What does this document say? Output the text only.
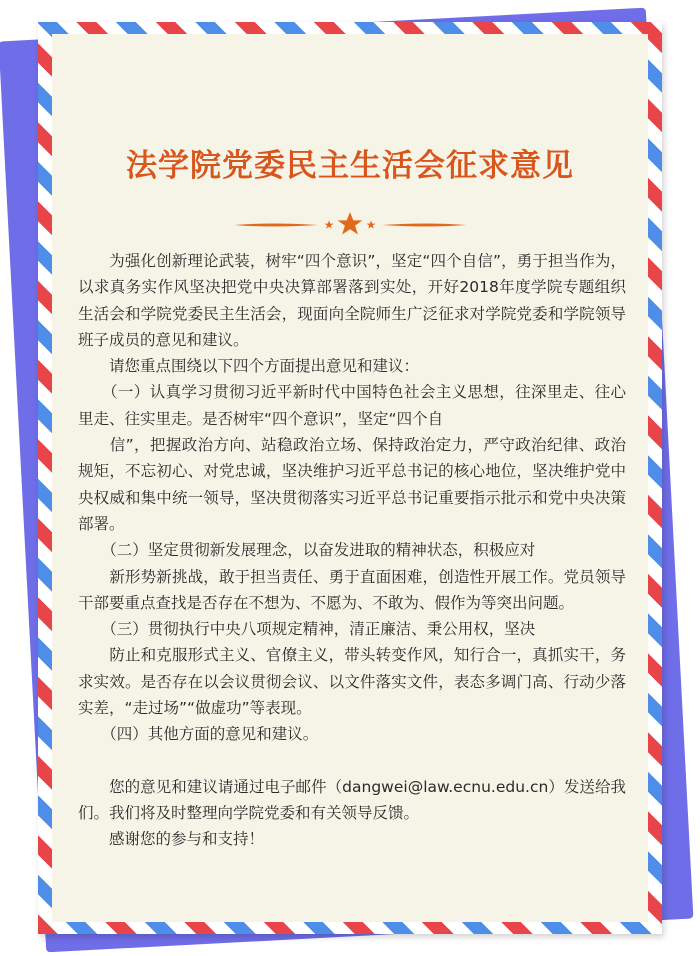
法学院党委民主生活会征求意见

　　为强化创新理论武装，树牢“四个意识”，坚定“四个自信”，勇于担当作为，以求真务实作风坚决把党中央决算部署落到实处，开好2018年度学院专题组织生活会和学院党委民主生活会，现面向全院师生广泛征求对学院党委和学院领导班子成员的意见和建议。

　　请您重点围绕以下四个方面提出意见和建议：

　　（一）认真学习贯彻习近平新时代中国特色社会主义思想，往深里走、往心里走、往实里走。是否树牢“四个意识”，坚定“四个自

　　信”，把握政治方向、站稳政治立场、保持政治定力，严守政治纪律、政治规矩，不忘初心、对党忠诚，坚决维护习近平总书记的核心地位，坚决维护党中央权威和集中统一领导，坚决贯彻落实习近平总书记重要指示批示和党中央决策部署。

　　（二）坚定贯彻新发展理念，以奋发进取的精神状态，积极应对

　　新形势新挑战，敢于担当责任、勇于直面困难，创造性开展工作。党员领导干部要重点查找是否存在不想为、不愿为、不敢为、假作为等突出问题。

　　（三）贯彻执行中央八项规定精神，清正廉洁、秉公用权，坚决

　　防止和克服形式主义、官僚主义，带头转变作风，知行合一，真抓实干，务求实效。是否存在以会议贯彻会议、以文件落实文件，表态多调门高、行动少落实差，“走过场”“做虚功”等表现。

　　（四）其他方面的意见和建议。

　　您的意见和建议请通过电子邮件（dangwei@law.ecnu.edu.cn）发送给我们。我们将及时整理向学院党委和有关领导反馈。

　　感谢您的参与和支持！
